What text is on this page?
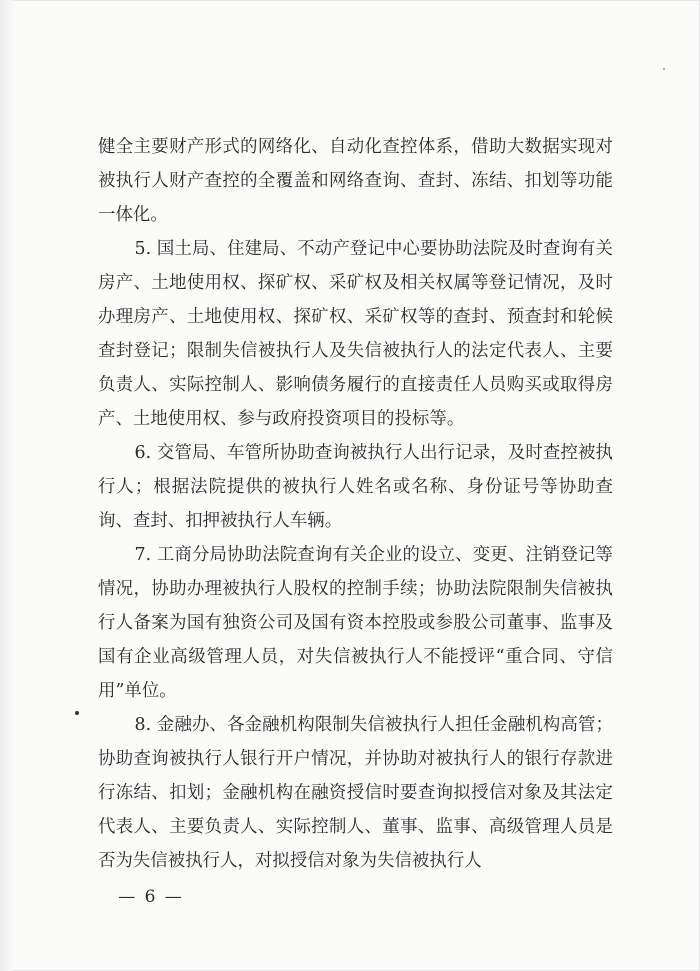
健全主要财产形式的网络化、自动化查控体系，借助大数据实现对被执行人财产查控的全覆盖和网络查询、查封、冻结、扣划等功能一体化。

5. 国土局、住建局、不动产登记中心要协助法院及时查询有关房产、土地使用权、探矿权、采矿权及相关权属等登记情况，及时办理房产、土地使用权、探矿权、采矿权等的查封、预查封和轮候查封登记；限制失信被执行人及失信被执行人的法定代表人、主要负责人、实际控制人、影响债务履行的直接责任人员购买或取得房产、土地使用权、参与政府投资项目的投标等。

6. 交管局、车管所协助查询被执行人出行记录，及时查控被执行人；根据法院提供的被执行人姓名或名称、身份证号等协助查询、查封、扣押被执行人车辆。

7. 工商分局协助法院查询有关企业的设立、变更、注销登记等情况，协助办理被执行人股权的控制手续；协助法院限制失信被执行人备案为国有独资公司及国有资本控股或参股公司董事、监事及国有企业高级管理人员，对失信被执行人不能授评“重合同、守信用”单位。

8. 金融办、各金融机构限制失信被执行人担任金融机构高管；协助查询被执行人银行开户情况，并协助对被执行人的银行存款进行冻结、扣划；金融机构在融资授信时要查询拟授信对象及其法定代表人、主要负责人、实际控制人、董事、监事、高级管理人员是否为失信被执行人，对拟授信对象为失信被执行人

— 6 —
